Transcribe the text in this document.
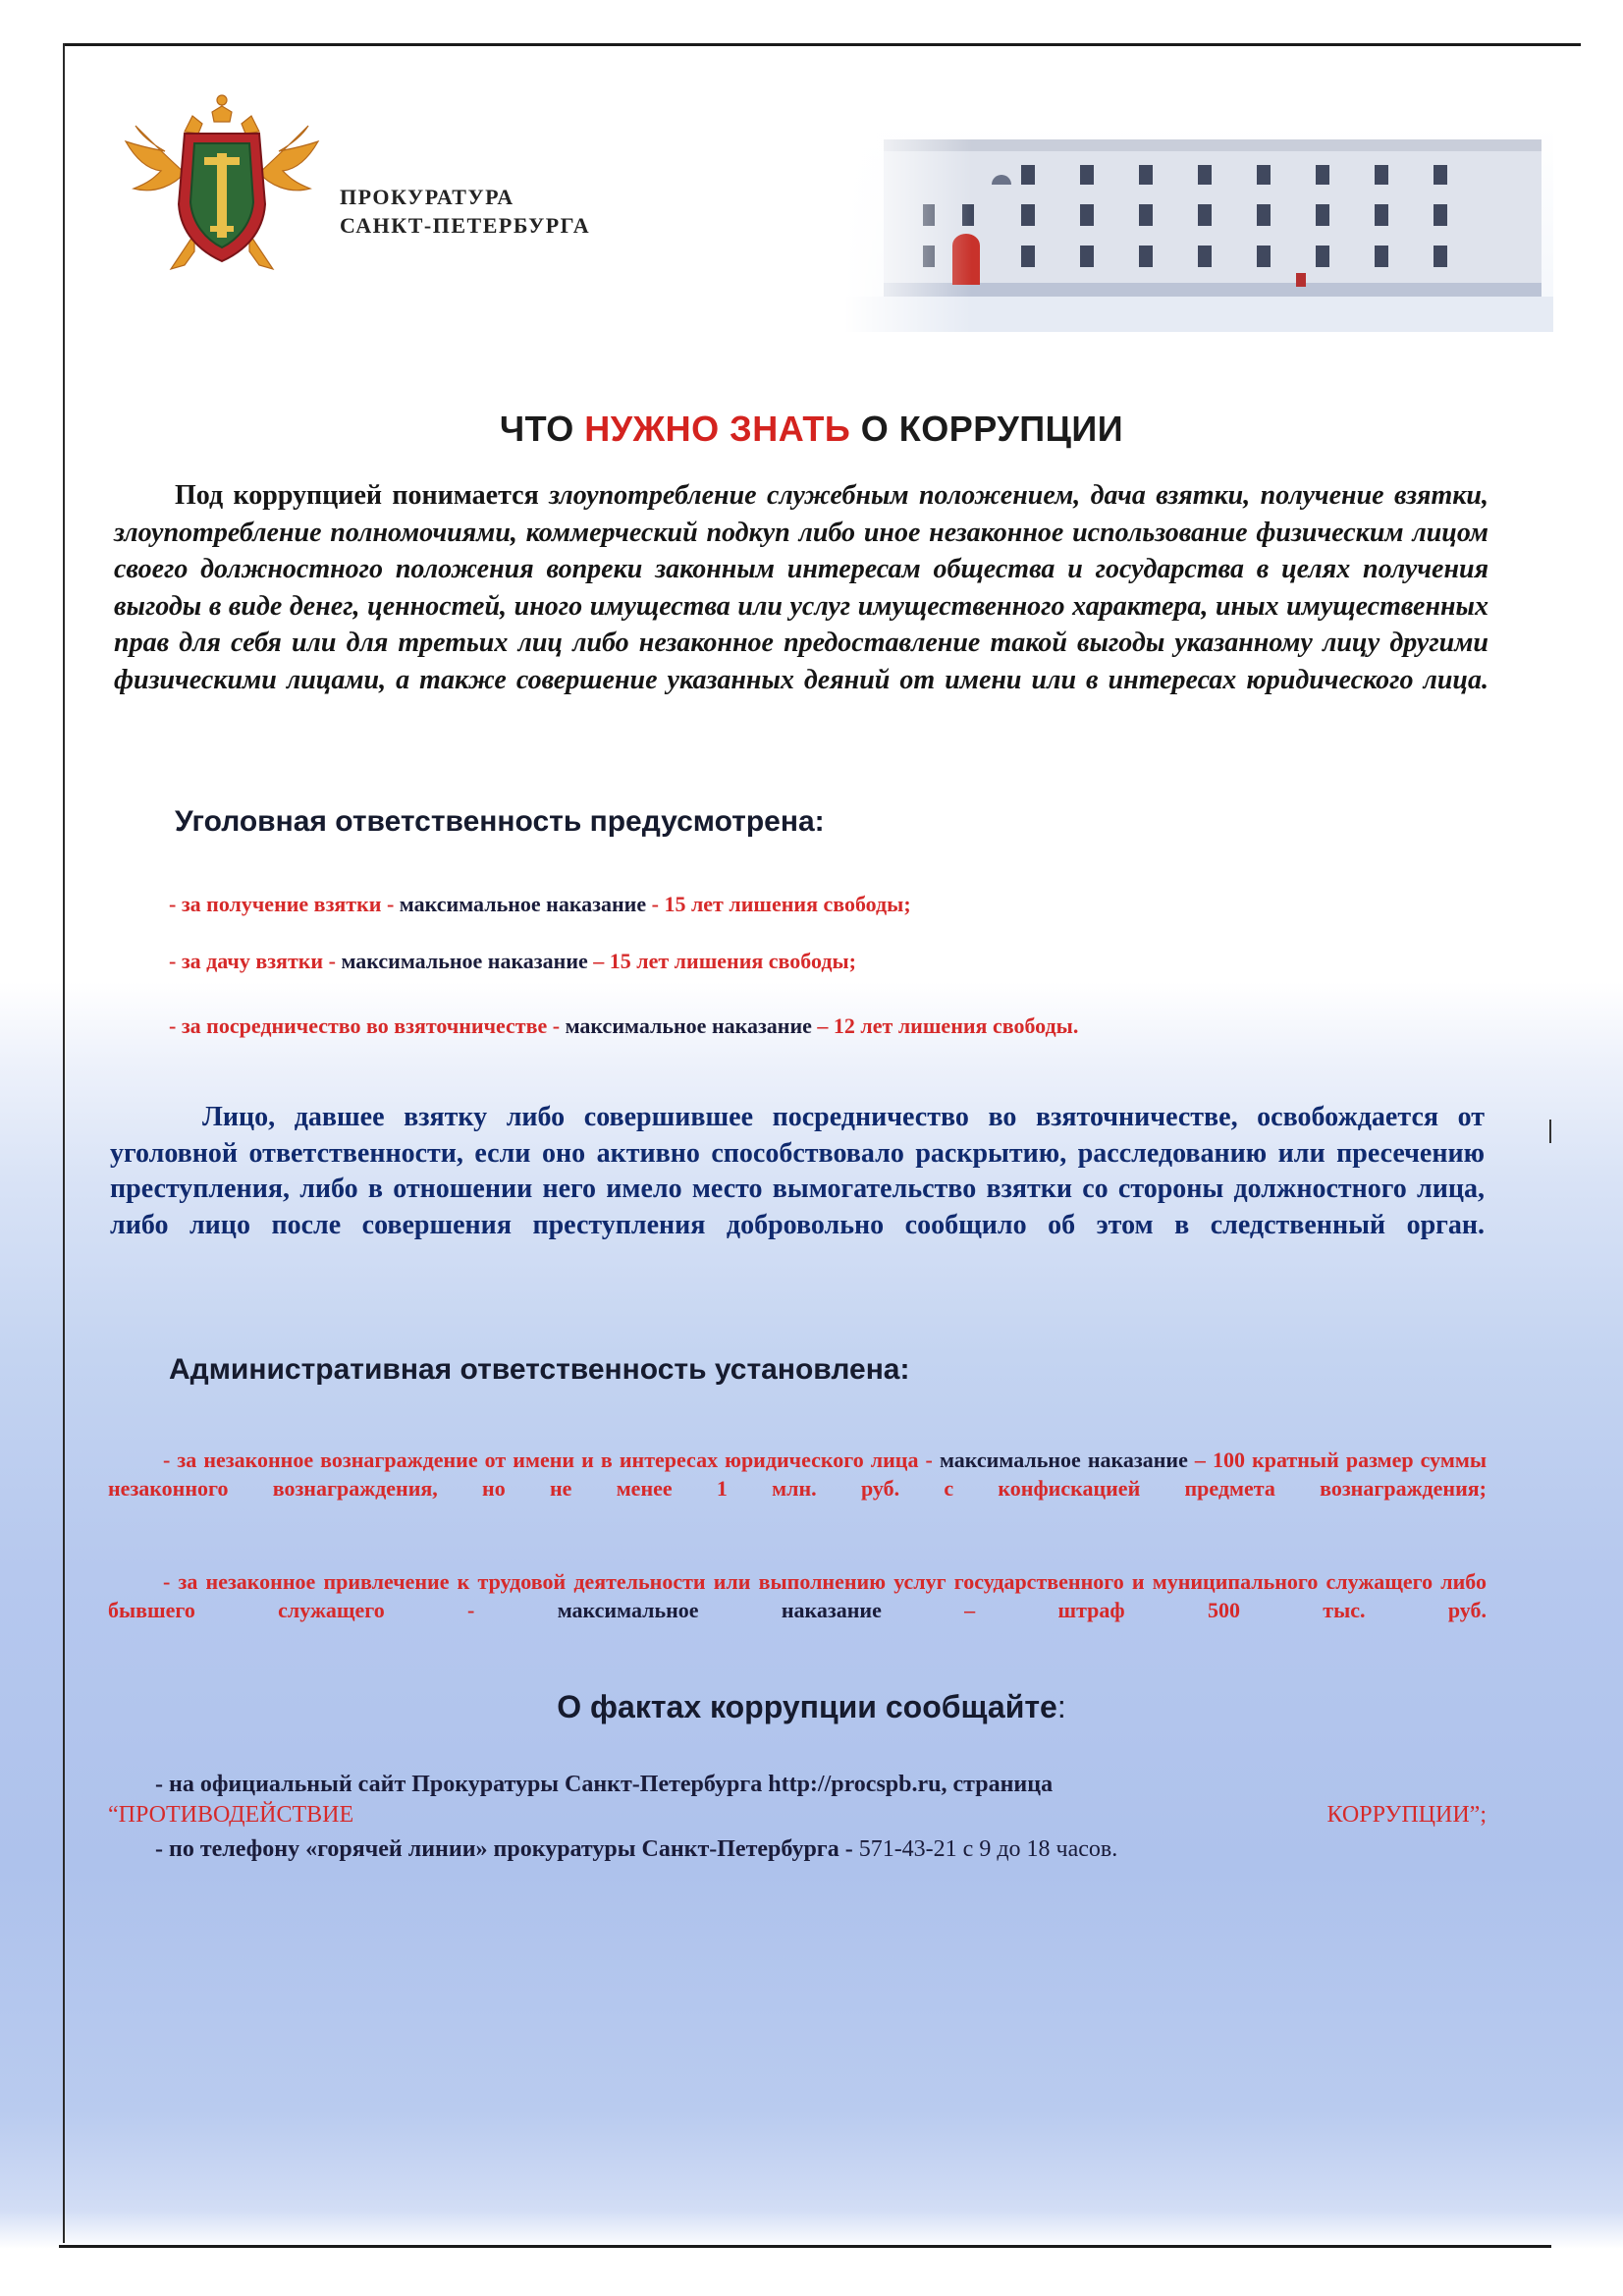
ПРОКУРАТУРА
САНКТ-ПЕТЕРБУРГА
ЧТО НУЖНО ЗНАТЬ О КОРРУПЦИИ
Под коррупцией понимается злоупотребление служебным положением, дача взятки, получение взятки, злоупотребление полномочиями, коммерческий подкуп либо иное незаконное использование физическим лицом своего должностного положения вопреки законным интересам общества и государства в целях получения выгоды в виде денег, ценностей, иного имущества или услуг имущественного характера, иных имущественных прав для себя или для третьих лиц либо незаконное предоставление такой выгоды указанному лицу другими физическими лицами, а также совершение указанных деяний от имени или в интересах юридического лица.
Уголовная ответственность предусмотрена:
- за получение взятки - максимальное наказание - 15 лет лишения свободы;
- за дачу взятки - максимальное наказание – 15 лет лишения свободы;
- за посредничество во взяточничестве - максимальное наказание – 12 лет лишения свободы.
Лицо, давшее взятку либо совершившее посредничество во взяточничестве, освобождается от уголовной ответственности, если оно активно способствовало раскрытию, расследованию или пресечению преступления, либо в отношении него имело место вымогательство взятки со стороны должностного лица, либо лицо после совершения преступления добровольно сообщило об этом в следственный орган.
Административная ответственность установлена:
- за незаконное вознаграждение от имени и в интересах юридического лица - максимальное наказание – 100 кратный размер суммы незаконного вознаграждения, но не менее 1 млн. руб. с конфискацией предмета вознаграждения;
- за незаконное привлечение к трудовой деятельности или выполнению услуг государственного и муниципального служащего либо бывшего служащего - максимальное наказание – штраф 500 тыс. руб.
О фактах коррупции сообщайте:
- на официальный сайт Прокуратуры Санкт-Петербурга http://procspb.ru, страница
“ПРОТИВОДЕЙСТВИЕ КОРРУПЦИИ”;
- по телефону «горячей линии» прокуратуры Санкт-Петербурга - 571-43-21 с 9 до 18 часов.
